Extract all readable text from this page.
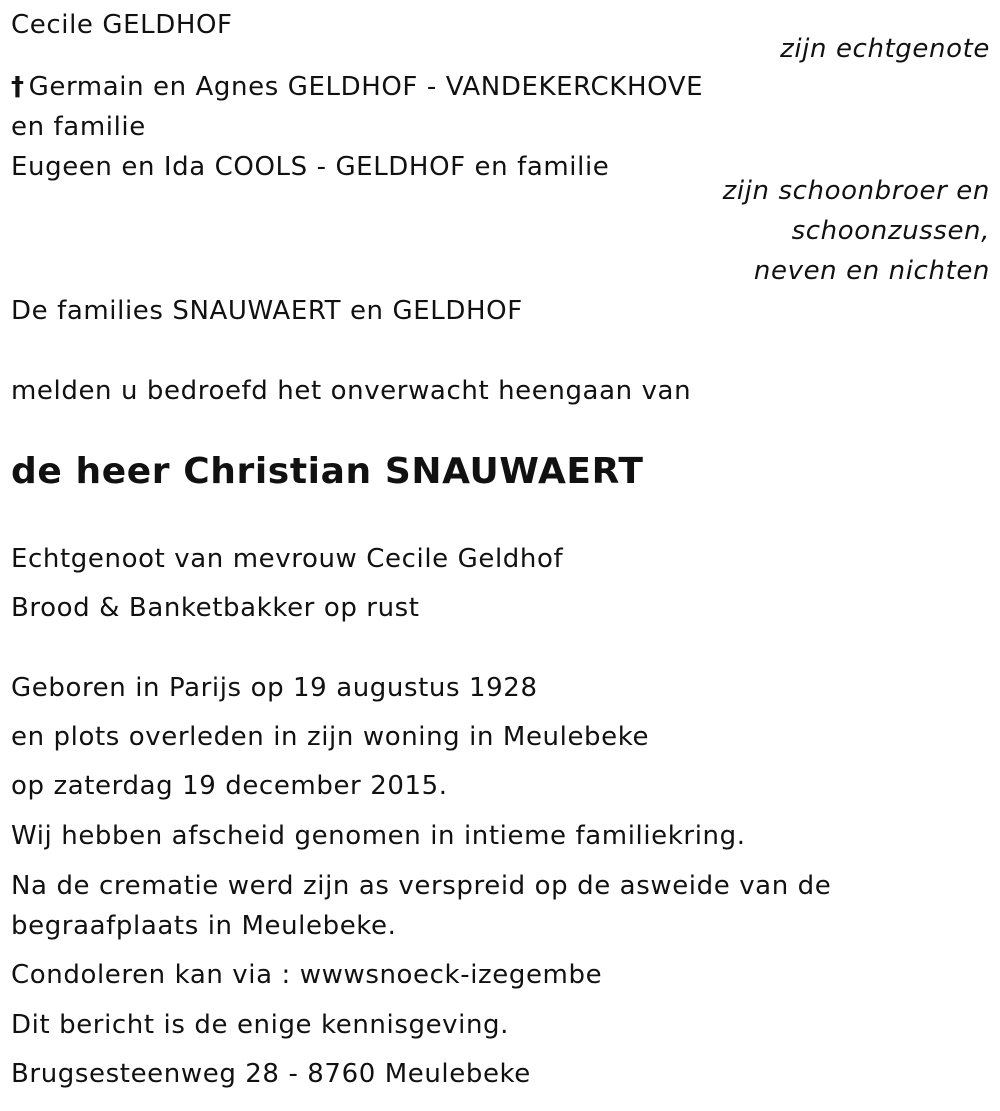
Cecile GELDHOF
zijn echtgenote
† Germain en Agnes GELDHOF - VANDEKERCKHOVE
en familie
Eugeen en Ida COOLS - GELDHOF en familie
zijn schoonbroer en
schoonzussen,
neven en nichten
De families SNAUWAERT en GELDHOF
melden u bedroefd het onverwacht heengaan van
de heer Christian SNAUWAERT
Echtgenoot van mevrouw Cecile Geldhof
Brood & Banketbakker op rust
Geboren in Parijs op 19 augustus 1928
en plots overleden in zijn woning in Meulebeke
op zaterdag 19 december 2015.
Wij hebben afscheid genomen in intieme familiekring.
Na de crematie werd zijn as verspreid op de asweide van de
begraafplaats in Meulebeke.
Condoleren kan via : wwwsnoeck-izegembe
Dit bericht is de enige kennisgeving.
Brugsesteenweg 28 - 8760 Meulebeke
